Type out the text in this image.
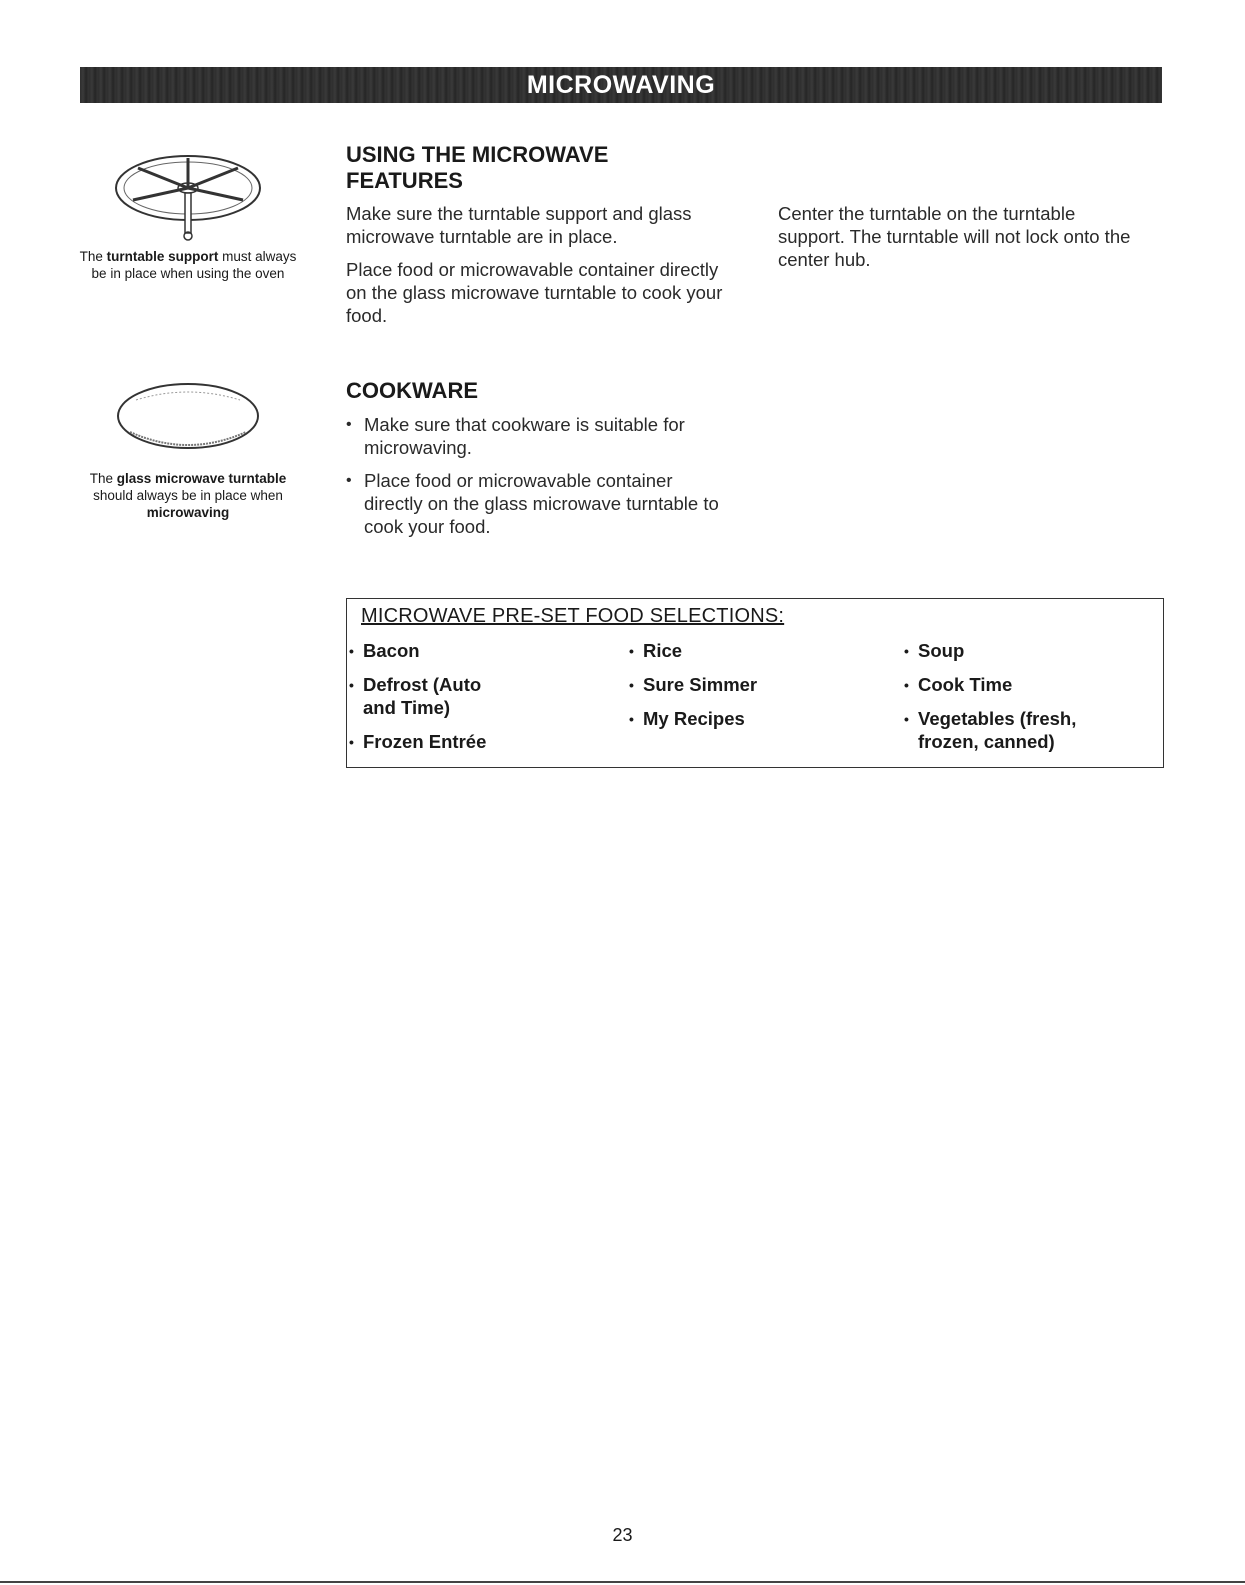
MICROWAVING
The turntable support must always be in place when using the oven
The glass microwave turntable should always be in place when microwaving
USING THE MICROWAVE FEATURES

Make sure the turntable support and glass microwave turntable are in place.

Place food or microwavable container directly on the glass microwave turntable to cook your food.

Center the turntable on the turntable support. The turntable will not lock onto the center hub.

COOKWARE
• Make sure that cookware is suitable for microwaving.
• Place food or microwavable container directly on the glass microwave turntable to cook your food.
MICROWAVE PRE-SET FOOD SELECTIONS:
• Bacon
• Defrost (Auto and Time)
• Frozen Entrée
• Rice
• Sure Simmer
• My Recipes
• Soup
• Cook Time
• Vegetables (fresh, frozen, canned)
23
